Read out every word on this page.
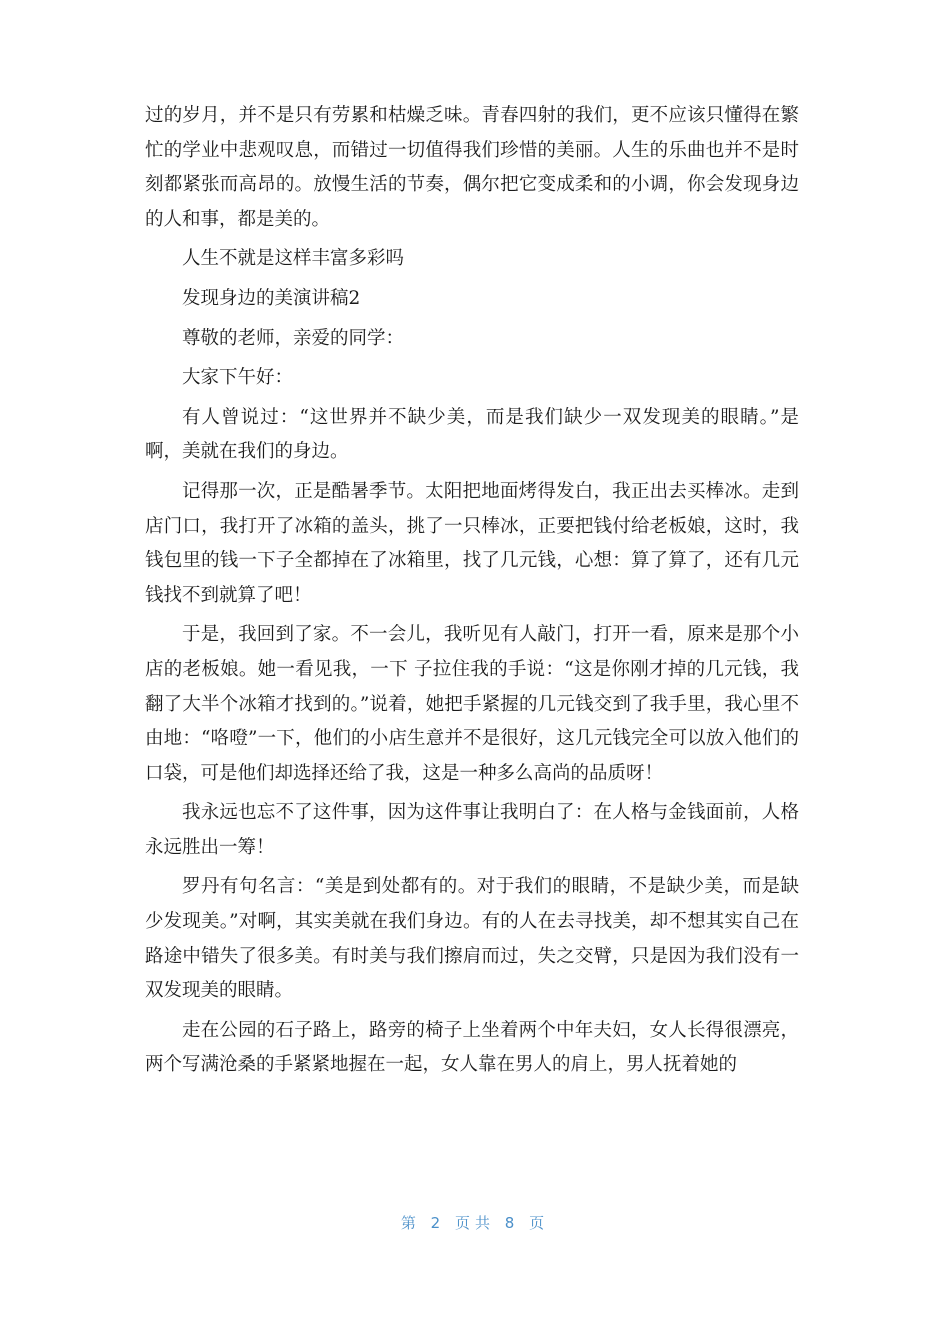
过的岁月，并不是只有劳累和枯燥乏味。青春四射的我们，更不应该只懂得在繁忙的学业中悲观叹息，而错过一切值得我们珍惜的美丽。人生的乐曲也并不是时刻都紧张而高昂的。放慢生活的节奏，偶尔把它变成柔和的小调，你会发现身边的人和事，都是美的。

人生不就是这样丰富多彩吗

发现身边的美演讲稿2

尊敬的老师，亲爱的同学：

大家下午好：

有人曾说过：“这世界并不缺少美，而是我们缺少一双发现美的眼睛。”是啊，美就在我们的身边。

记得那一次，正是酷暑季节。太阳把地面烤得发白，我正出去买棒冰。走到店门口，我打开了冰箱的盖头，挑了一只棒冰，正要把钱付给老板娘，这时，我钱包里的钱一下子全都掉在了冰箱里，找了几元钱，心想：算了算了，还有几元钱找不到就算了吧！

于是，我回到了家。不一会儿，我听见有人敲门，打开一看，原来是那个小店的老板娘。她一看见我，一下 子拉住我的手说：“这是你刚才掉的几元钱，我翻了大半个冰箱才找到的。”说着，她把手紧握的几元钱交到了我手里，我心里不由地：“咯噔”一下，他们的小店生意并不是很好，这几元钱完全可以放入他们的口袋，可是他们却选择还给了我，这是一种多么高尚的品质呀！

我永远也忘不了这件事，因为这件事让我明白了：在人格与金钱面前，人格永远胜出一筹！

罗丹有句名言：“美是到处都有的。对于我们的眼睛，不是缺少美，而是缺少发现美。”对啊，其实美就在我们身边。有的人在去寻找美，却不想其实自己在路途中错失了很多美。有时美与我们擦肩而过，失之交臂，只是因为我们没有一双发现美的眼睛。

走在公园的石子路上，路旁的椅子上坐着两个中年夫妇，女人长得很漂亮，两个写满沧桑的手紧紧地握在一起，女人靠在男人的肩上，男人抚着她的

第 2 页共 8 页
